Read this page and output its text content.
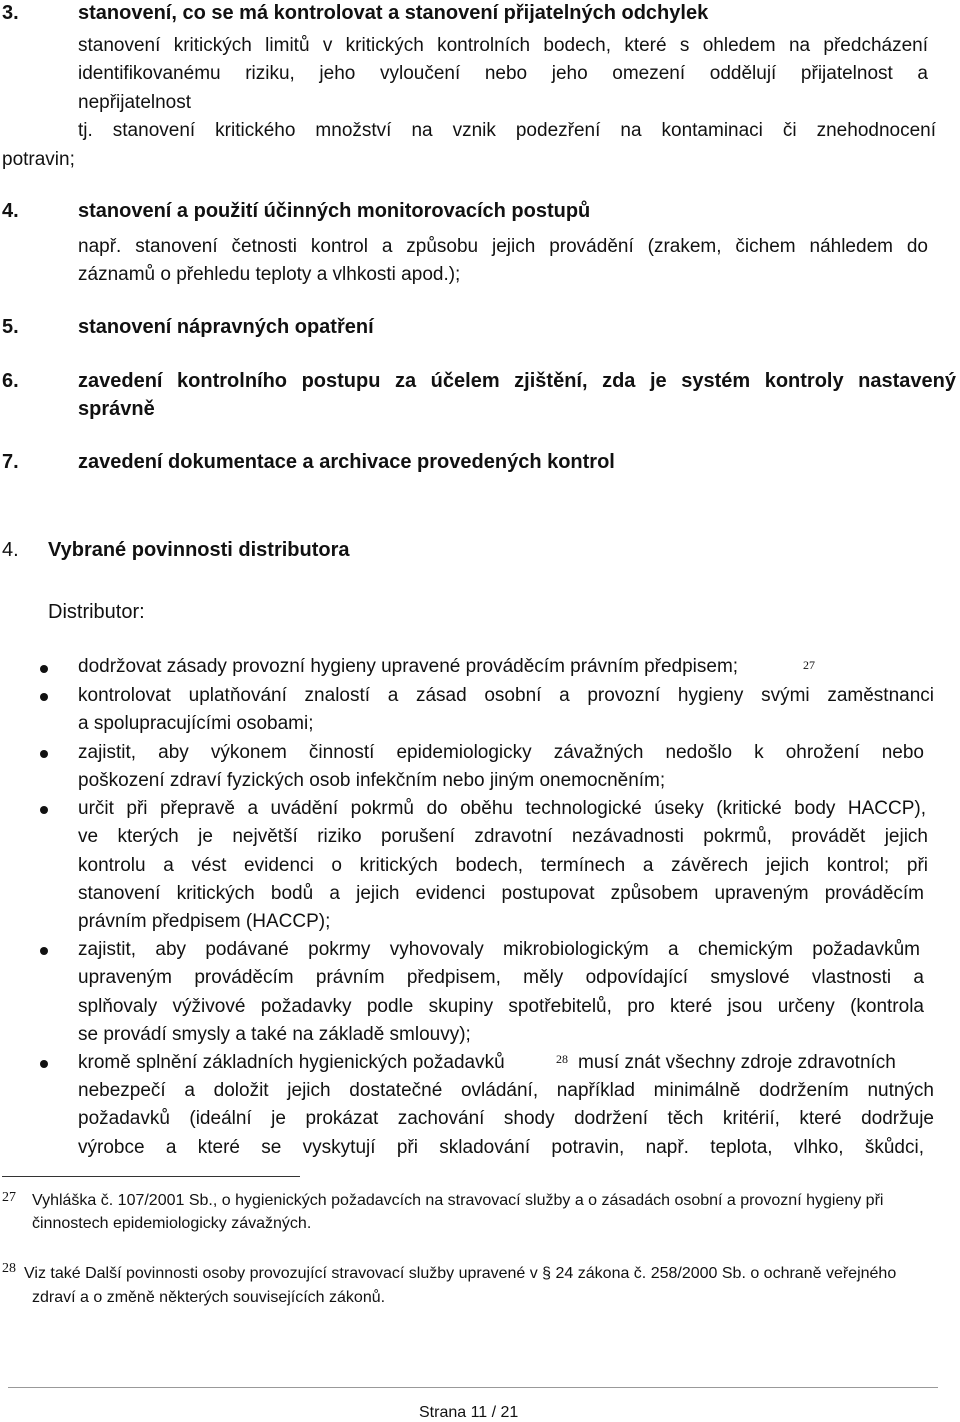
3.	stanovení, co se má kontrolovat a stanovení přijatelných odchylek
stanovení kritických limitů v kritických kontrolních bodech, které s ohledem na předcházení
identifikovanému riziku, jeho vyloučení nebo jeho omezení oddělují přijatelnost a
nepřijatelnost
tj. stanovení kritického množství na vznik podezření na kontaminaci či znehodnocení
potravin;
4.	stanovení a použití účinných monitorovacích postupů
např. stanovení četnosti kontrol a způsobu jejich provádění (zrakem, čichem náhledem do
záznamů o přehledu teploty a vlhkosti apod.);
5.	stanovení nápravných opatření
6.	zavedení kontrolního postupu za účelem zjištění, zda je systém kontroly nastavený
správně
7.	zavedení dokumentace a archivace provedených kontrol
4. Vybrané povinnosti distributora
Distributor:
dodržovat zásady provozní hygieny upravené prováděcím právním předpisem;	27
kontrolovat uplatňování znalostí a zásad osobní a provozní hygieny svými zaměstnanci
a spolupracujícími osobami;
zajistit, aby výkonem činností epidemiologicky závažných nedošlo k ohrožení nebo
poškození zdraví fyzických osob infekčním nebo jiným onemocněním;
určit při přepravě a uvádění pokrmů do oběhu technologické úseky (kritické body HACCP),
ve kterých je největší riziko porušení zdravotní nezávadnosti pokrmů, provádět jejich
kontrolu a vést evidenci o kritických bodech, termínech a závěrech jejich kontrol; při
stanovení kritických bodů a jejich evidenci postupovat způsobem upraveným prováděcím
právním předpisem (HACCP);
zajistit, aby podávané pokrmy vyhovovaly mikrobiologickým a chemickým požadavkům
upraveným prováděcím právním předpisem, měly odpovídající smyslové vlastnosti a
splňovaly výživové požadavky podle skupiny spotřebitelů, pro které jsou určeny (kontrola
se provádí smysly a také na základě smlouvy);
kromě splnění základních hygienických požadavků	28 musí znát všechny zdroje zdravotních
nebezpečí a doložit jejich dostatečné ovládání, například minimálně dodržením nutných
požadavků (ideální je prokázat zachování shody dodržení těch kritérií, které dodržuje
výrobce a které se vyskytují při skladování potravin, např. teplota, vlhko, škůdci,
27 Vyhláška č. 107/2001 Sb., o hygienických požadavcích na stravovací služby a o zásadách osobní a provozní hygieny při
činnostech epidemiologicky závažných.
28 Viz také Další povinnosti osoby provozující stravovací služby upravené v § 24 zákona č. 258/2000 Sb. o ochraně veřejného
zdraví a o změně některých souvisejících zákonů.
Strana 11 / 21
